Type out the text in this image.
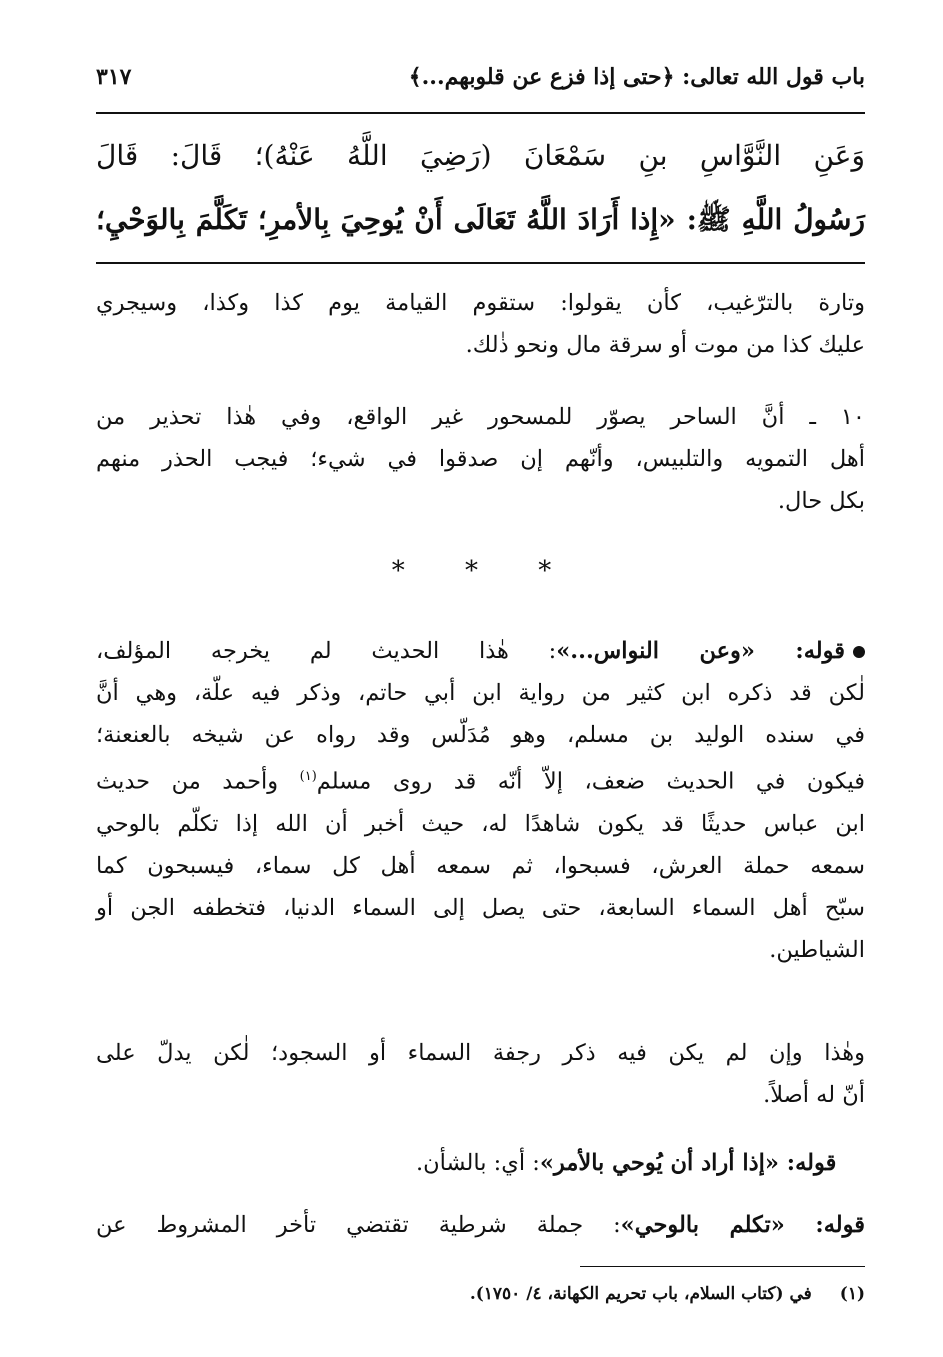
باب قول الله تعالى: ﴿حتى إذا فزع عن قلوبهم...﴾
٣١٧
وَعَنِ النَّوَّاسِ بنِ سَمْعَانَ (رَضِيَ اللَّهُ عَنْهُ)؛ قَالَ: قَالَ
رَسُولُ اللَّهِ ﷺ: «إِذا أَرَادَ اللَّهُ تَعَالَى أَنْ يُوحِيَ بِالأمرِ؛ تَكَلَّمَ بِالوَحْيِ؛
وتارة بالترّغيب، كأن يقولوا: ستقوم القيامة يوم كذا وكذا، وسيجري
عليك كذا من موت أو سرقة مال ونحو ذٰلك.
١٠ ـ أنَّ الساحر يصوّر للمسحور غير الواقع، وفي هٰذا تحذير من
أهل التمويه والتلبيس، وأنّهم إن صدقوا في شيء؛ فيجب الحذر منهم
بكل حال.
* * *
قوله: «وعن النواس...»: هٰذا الحديث لم يخرجه المؤلف،
لٰكن قد ذكره ابن كثير من رواية ابن أبي حاتم، وذكر فيه علّة، وهي أنَّ
في سنده الوليد بن مسلم، وهو مُدَلّس وقد رواه عن شيخه بالعنعنة؛
فيكون في الحديث ضعف، إلاّ أنّه قد روى مسلم$^{(١)}$ وأحمد من حديث
ابن عباس حديثًا قد يكون شاهدًا له، حيث أخبر أن الله إذا تكلّم بالوحي
سمعه حملة العرش، فسبحوا، ثم سمعه أهل كل سماء، فيسبحون كما
سبّح أهل السماء السابعة، حتى يصل إلى السماء الدنيا، فتخطفه الجن أو
الشياطين.
وهٰذا وإن لم يكن فيه ذكر رجفة السماء أو السجود؛ لٰكن يدلّ على
أنّ له أصلاً.
قوله: «إذا أراد أن يُوحي بالأمر»: أي: بالشأن.
قوله: «تكلم بالوحي»: جملة شرطية تقتضي تأخر المشروط عن
(١)في (كتاب السلام، باب تحريم الكهانة، ٤/ ١٧٥٠).
